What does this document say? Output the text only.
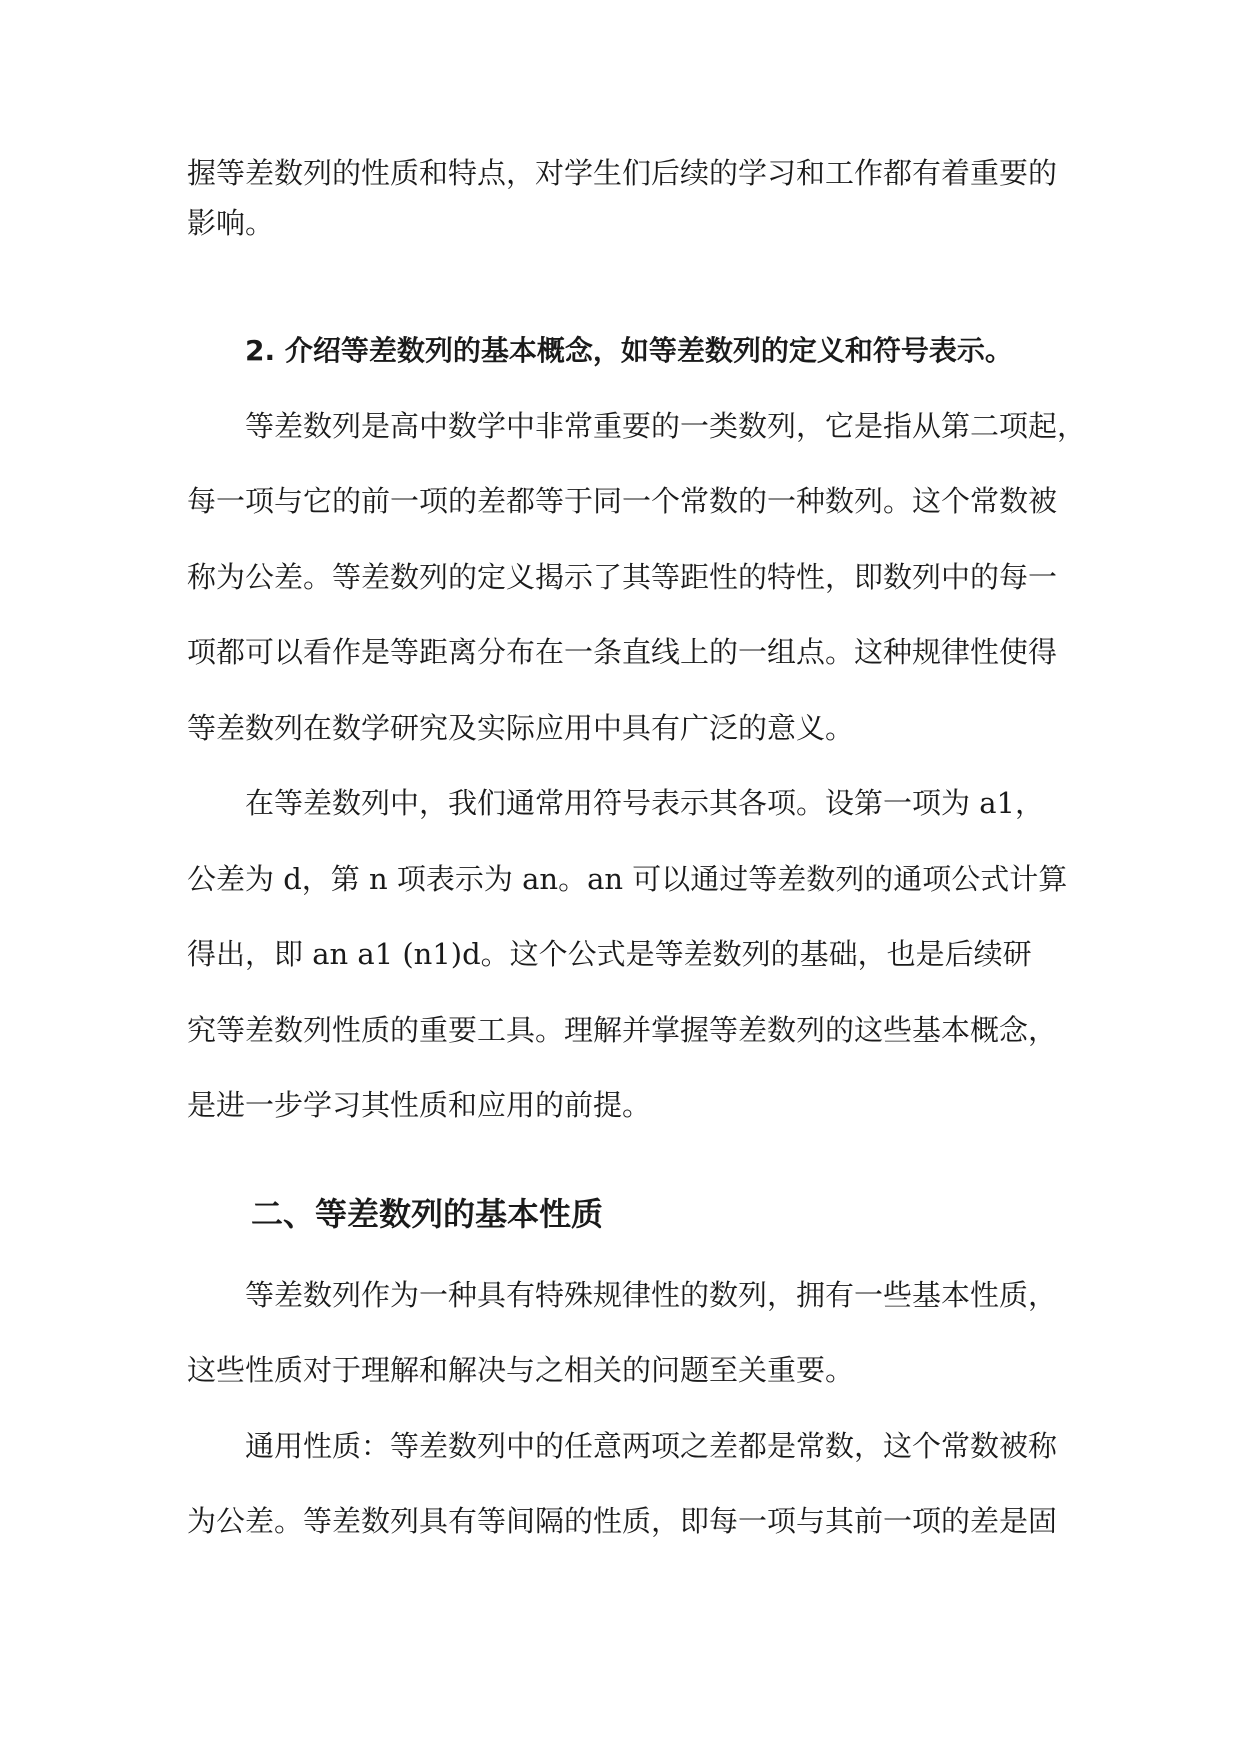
握等差数列的性质和特点，对学生们后续的学习和工作都有着重要的

影响。

2. 介绍等差数列的基本概念，如等差数列的定义和符号表示。

等差数列是高中数学中非常重要的一类数列，它是指从第二项起，

每一项与它的前一项的差都等于同一个常数的一种数列。这个常数被

称为公差。等差数列的定义揭示了其等距性的特性，即数列中的每一

项都可以看作是等距离分布在一条直线上的一组点。这种规律性使得

等差数列在数学研究及实际应用中具有广泛的意义。

在等差数列中，我们通常用符号表示其各项。设第一项为 a1，

公差为 d，第 n 项表示为 an。an 可以通过等差数列的通项公式计算

得出，即 an a1 (n1)d。这个公式是等差数列的基础，也是后续研

究等差数列性质的重要工具。理解并掌握等差数列的这些基本概念，

是进一步学习其性质和应用的前提。

二、等差数列的基本性质

等差数列作为一种具有特殊规律性的数列，拥有一些基本性质，

这些性质对于理解和解决与之相关的问题至关重要。

通用性质：等差数列中的任意两项之差都是常数，这个常数被称

为公差。等差数列具有等间隔的性质，即每一项与其前一项的差是固
